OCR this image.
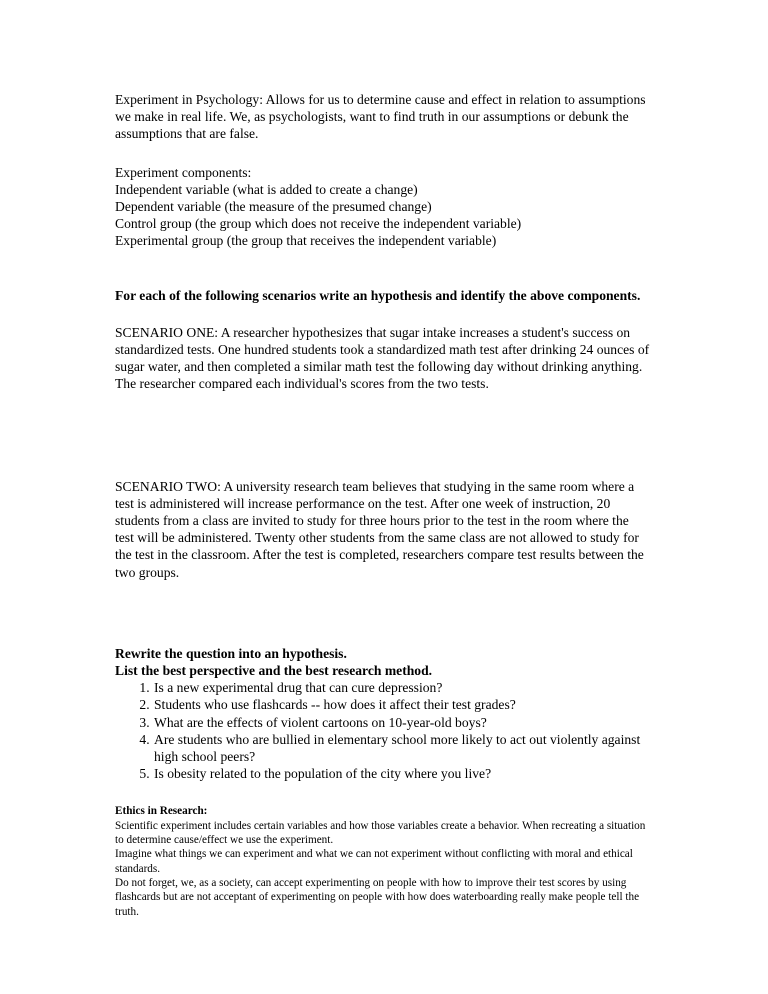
Experiment in Psychology: Allows for us to determine cause and effect in relation to assumptions we make in real life. We, as psychologists, want to find truth in our assumptions or debunk the assumptions that are false.

Experiment components:

Independent variable (what is added to create a change)

Dependent variable (the measure of the presumed change)

Control group (the group which does not receive the independent variable)

Experimental group (the group that receives the independent variable)

For each of the following scenarios write an hypothesis and identify the above components.

SCENARIO ONE: A researcher hypothesizes that sugar intake increases a student's success on standardized tests. One hundred students took a standardized math test after drinking 24 ounces of sugar water, and then completed a similar math test the following day without drinking anything. The researcher compared each individual's scores from the two tests.

SCENARIO TWO: A university research team believes that studying in the same room where a test is administered will increase performance on the test. After one week of instruction, 20 students from a class are invited to study for three hours prior to the test in the room where the test will be administered. Twenty other students from the same class are not allowed to study for the test in the classroom. After the test is completed, researchers compare test results between the two groups.

Rewrite the question into an hypothesis.

List the best perspective and the best research method.

1. Is a new experimental drug that can cure depression?
2. Students who use flashcards -- how does it affect their test grades?
3. What are the effects of violent cartoons on 10-year-old boys?
4. Are students who are bullied in elementary school more likely to act out violently against high school peers?
5. Is obesity related to the population of the city where you live?

Ethics in Research:

Scientific experiment includes certain variables and how those variables create a behavior. When recreating a situation to determine cause/effect we use the experiment.

Imagine what things we can experiment and what we can not experiment without conflicting with moral and ethical standards.

Do not forget, we, as a society, can accept experimenting on people with how to improve their test scores by using flashcards but are not acceptant of experimenting on people with how does waterboarding really make people tell the truth.
